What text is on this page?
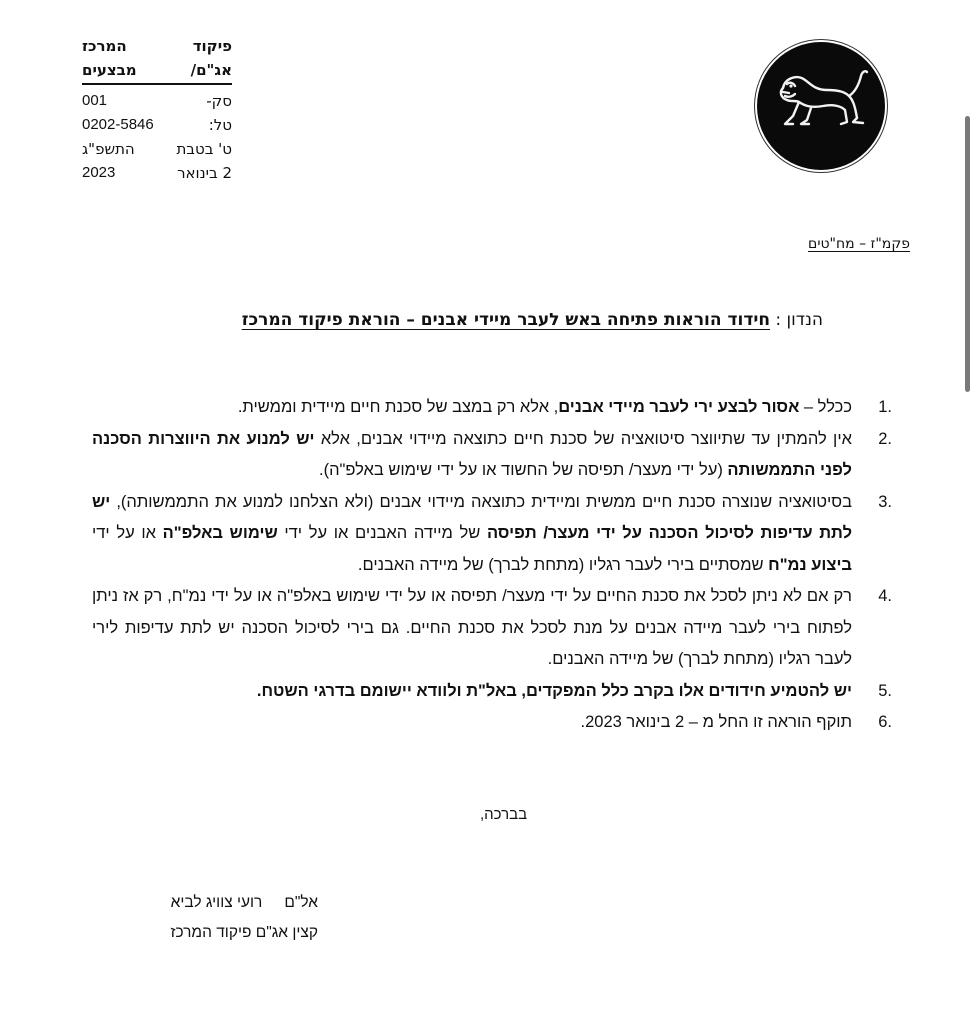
פיקוד
המרכז
אג"ם/
מבצעים
סק-
001
טל:
0202-5846
ט' בטבת
התשפ"ג
2 בינואר
2023
פקמ"ז – מח"טים
הנדון : חידוד הוראות פתיחה באש לעבר מיידי אבנים – הוראת פיקוד המרכז
1.
ככלל – אסור לבצע ירי לעבר מיידי אבנים, אלא רק במצב של סכנת חיים מיידית וממשית.
2.
אין להמתין עד שתיווצר סיטואציה של סכנת חיים כתוצאה מיידוי אבנים, אלא יש למנוע את היווצרות הסכנה לפני התממשותה (על ידי מעצר/ תפיסה של החשוד או על ידי שימוש באלפ"ה).
3.
בסיטואציה שנוצרה סכנת חיים ממשית ומיידית כתוצאה מיידוי אבנים (ולא הצלחנו למנוע את התממשותה), יש לתת עדיפות לסיכול הסכנה על ידי מעצר/ תפיסה של מיידה האבנים או על ידי שימוש באלפ"ה או על ידי ביצוע נמ"ח שמסתיים בירי לעבר רגליו (מתחת לברך) של מיידה האבנים.
4.
רק אם לא ניתן לסכל את סכנת החיים על ידי מעצר/ תפיסה או על ידי שימוש באלפ"ה או על ידי נמ"ח, רק אז ניתן לפתוח בירי לעבר מיידה אבנים על מנת לסכל את סכנת החיים. גם בירי לסיכול הסכנה יש לתת עדיפות לירי לעבר רגליו (מתחת לברך) של מיידה האבנים.
5.
יש להטמיע חידודים אלו בקרב כלל המפקדים, באל"ת ולוודא יישומם בדרגי השטח.
6.
תוקף הוראה זו החל מ – 2 בינואר 2023.
בברכה,
אל"םרועי צוויג לביא
קצין אג"ם פיקוד המרכז
